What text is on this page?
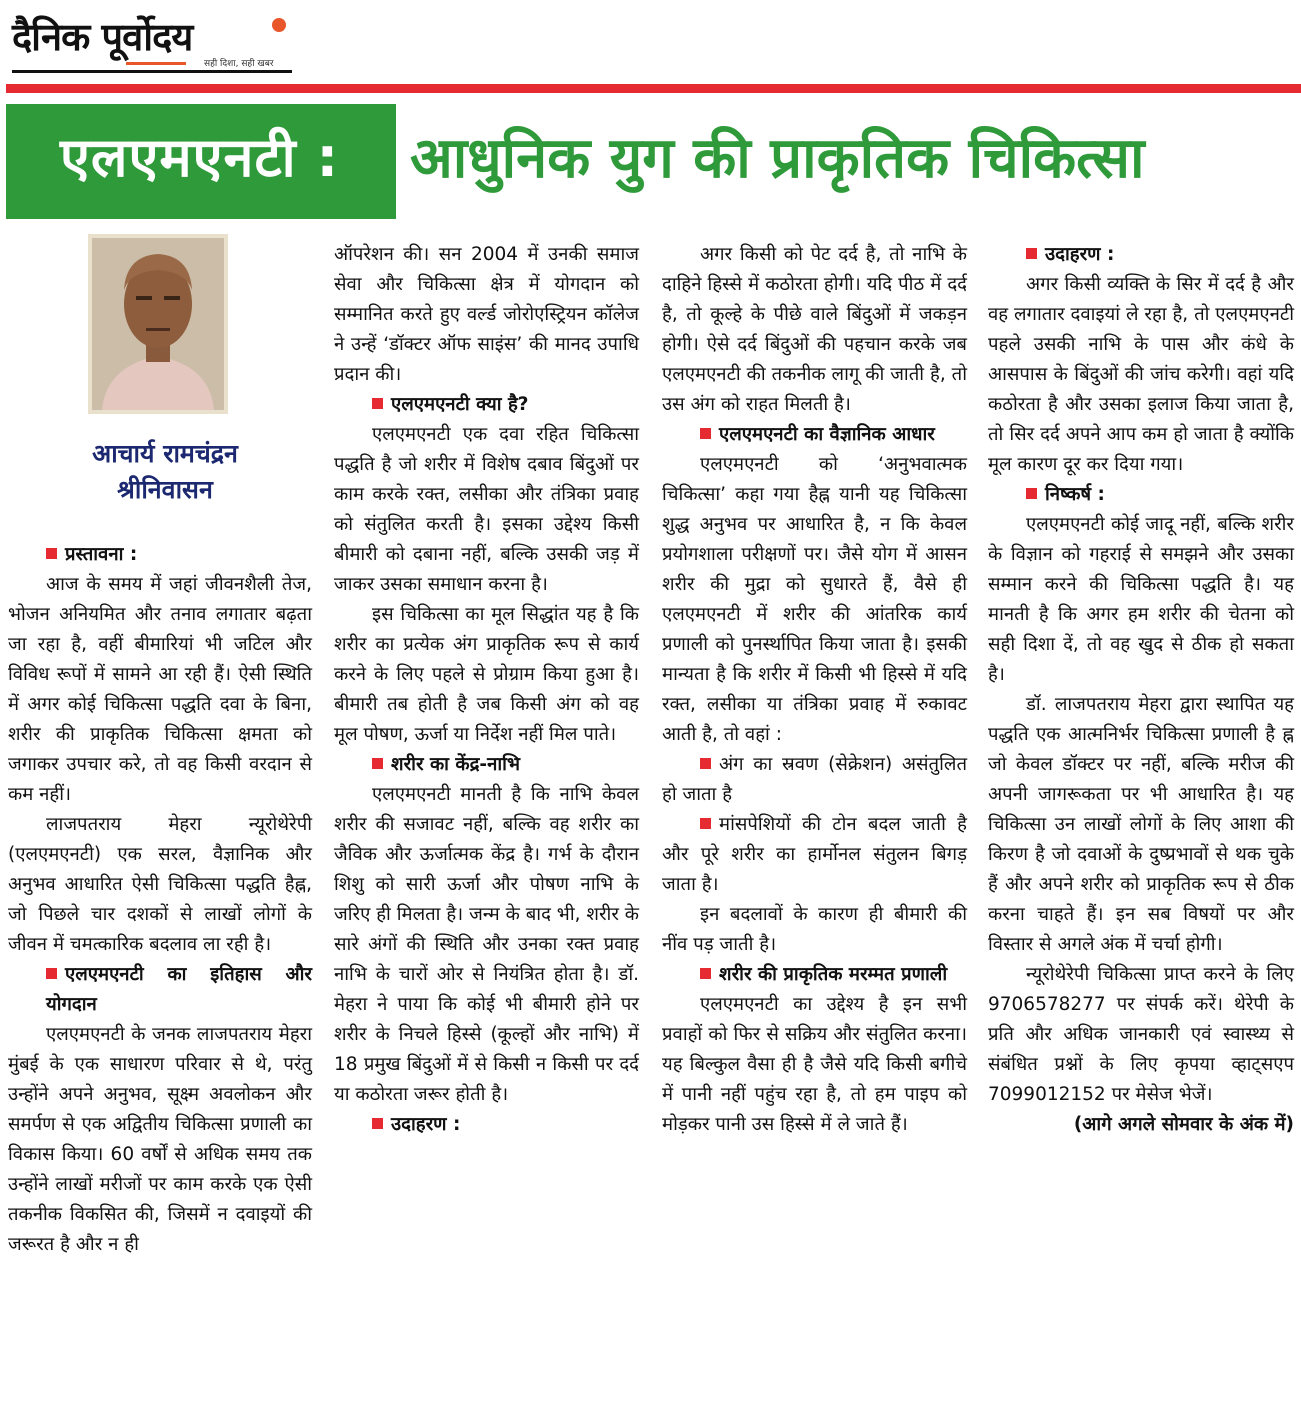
दैनिक पूर्वोदय
सही दिशा, सही खबर
एलएमएनटी : आधुनिक युग की प्राकृतिक चिकित्सा
आचार्य रामचंद्रन
श्रीनिवासन
प्रस्तावना :

आज के समय में जहां जीवनशैली तेज, भोजन अनियमित और तनाव लगातार बढ़ता जा रहा है, वहीं बीमारियां भी जटिल और विविध रूपों में सामने आ रही हैं। ऐसी स्थिति में अगर कोई चिकित्सा पद्धति दवा के बिना, शरीर की प्राकृतिक चिकित्सा क्षमता को जगाकर उपचार करे, तो वह किसी वरदान से कम नहीं।

लाजपतराय मेहरा न्यूरोथेरेपी (एलएमएनटी) एक सरल, वैज्ञानिक और अनुभव आधारित ऐसी चिकित्सा पद्धति हैह्न, जो पिछले चार दशकों से लाखों लोगों के जीवन में चमत्कारिक बदलाव ला रही है।

एलएमएनटी का इतिहास और योगदान

एलएमएनटी के जनक लाजपतराय मेहरा मुंबई के एक साधारण परिवार से थे, परंतु उन्होंने अपने अनुभव, सूक्ष्म अवलोकन और समर्पण से एक अद्वितीय चिकित्सा प्रणाली का विकास किया। 60 वर्षों से अधिक समय तक उन्होंने लाखों मरीजों पर काम करके एक ऐसी तकनीक विकसित की, जिसमें न दवाइयों की जरूरत है और न ही

ऑपरेशन की। सन 2004 में उनकी समाज सेवा और चिकित्सा क्षेत्र में योगदान को सम्मानित करते हुए वर्ल्ड जोरोएस्ट्रियन कॉलेज ने उन्हें ‘डॉक्टर ऑफ साइंस’ की मानद उपाधि प्रदान की।

एलएमएनटी क्या है?

एलएमएनटी एक दवा रहित चिकित्सा पद्धति है जो शरीर में विशेष दबाव बिंदुओं पर काम करके रक्त, लसीका और तंत्रिका प्रवाह को संतुलित करती है। इसका उद्देश्य किसी बीमारी को दबाना नहीं, बल्कि उसकी जड़ में जाकर उसका समाधान करना है।

इस चिकित्सा का मूल सिद्धांत यह है कि शरीर का प्रत्येक अंग प्राकृतिक रूप से कार्य करने के लिए पहले से प्रोग्राम किया हुआ है। बीमारी तब होती है जब किसी अंग को वह मूल पोषण, ऊर्जा या निर्देश नहीं मिल पाते।

शरीर का केंद्र-नाभि

एलएमएनटी मानती है कि नाभि केवल शरीर की सजावट नहीं, बल्कि वह शरीर का जैविक और ऊर्जात्मक केंद्र है। गर्भ के दौरान शिशु को सारी ऊर्जा और पोषण नाभि के जरिए ही मिलता है। जन्म के बाद भी, शरीर के सारे अंगों की स्थिति और उनका रक्त प्रवाह नाभि के चारों ओर से नियंत्रित होता है। डॉ. मेहरा ने पाया कि कोई भी बीमारी होने पर शरीर के निचले हिस्से (कूल्हों और नाभि) में 18 प्रमुख बिंदुओं में से किसी न किसी पर दर्द या कठोरता जरूर होती है।

उदाहरण :

अगर किसी को पेट दर्द है, तो नाभि के दाहिने हिस्से में कठोरता होगी। यदि पीठ में दर्द है, तो कूल्हे के पीछे वाले बिंदुओं में जकड़न होगी। ऐसे दर्द बिंदुओं की पहचान करके जब एलएमएनटी की तकनीक लागू की जाती है, तो उस अंग को राहत मिलती है।

एलएमएनटी का वैज्ञानिक आधार

एलएमएनटी को ‘अनुभवात्मक चिकित्सा’ कहा गया हैह्न यानी यह चिकित्सा शुद्ध अनुभव पर आधारित है, न कि केवल प्रयोगशाला परीक्षणों पर। जैसे योग में आसन शरीर की मुद्रा को सुधारते हैं, वैसे ही एलएमएनटी में शरीर की आंतरिक कार्य प्रणाली को पुनर्स्थापित किया जाता है। इसकी मान्यता है कि शरीर में किसी भी हिस्से में यदि रक्त, लसीका या तंत्रिका प्रवाह में रुकावट आती है, तो वहां :

अंग का स्रवण (सेक्रेशन) असंतुलित हो जाता है

मांसपेशियों की टोन बदल जाती है और पूरे शरीर का हार्मोनल संतुलन बिगड़ जाता है।

इन बदलावों के कारण ही बीमारी की नींव पड़ जाती है।

शरीर की प्राकृतिक मरम्मत प्रणाली

एलएमएनटी का उद्देश्य है इन सभी प्रवाहों को फिर से सक्रिय और संतुलित करना। यह बिल्कुल वैसा ही है जैसे यदि किसी बगीचे में पानी नहीं पहुंच रहा है, तो हम पाइप को मोड़कर पानी उस हिस्से में ले जाते हैं।

उदाहरण :

अगर किसी व्यक्ति के सिर में दर्द है और वह लगातार दवाइयां ले रहा है, तो एलएमएनटी पहले उसकी नाभि के पास और कंधे के आसपास के बिंदुओं की जांच करेगी। वहां यदि कठोरता है और उसका इलाज किया जाता है, तो सिर दर्द अपने आप कम हो जाता है क्योंकि मूल कारण दूर कर दिया गया।

निष्कर्ष :

एलएमएनटी कोई जादू नहीं, बल्कि शरीर के विज्ञान को गहराई से समझने और उसका सम्मान करने की चिकित्सा पद्धति है। यह मानती है कि अगर हम शरीर की चेतना को सही दिशा दें, तो वह खुद से ठीक हो सकता है।

डॉ. लाजपतराय मेहरा द्वारा स्थापित यह पद्धति एक आत्मनिर्भर चिकित्सा प्रणाली है ह्न जो केवल डॉक्टर पर नहीं, बल्कि मरीज की अपनी जागरूकता पर भी आधारित है। यह चिकित्सा उन लाखों लोगों के लिए आशा की किरण है जो दवाओं के दुष्प्रभावों से थक चुके हैं और अपने शरीर को प्राकृतिक रूप से ठीक करना चाहते हैं। इन सब विषयों पर और विस्तार से अगले अंक में चर्चा होगी।

न्यूरोथेरेपी चिकित्सा प्राप्त करने के लिए 9706578277 पर संपर्क करें। थेरेपी के प्रति और अधिक जानकारी एवं स्वास्थ्य से संबंधित प्रश्नों के लिए कृपया व्हाट्सएप 7099012152 पर मेसेज भेजें।

(आगे अगले सोमवार के अंक में)
